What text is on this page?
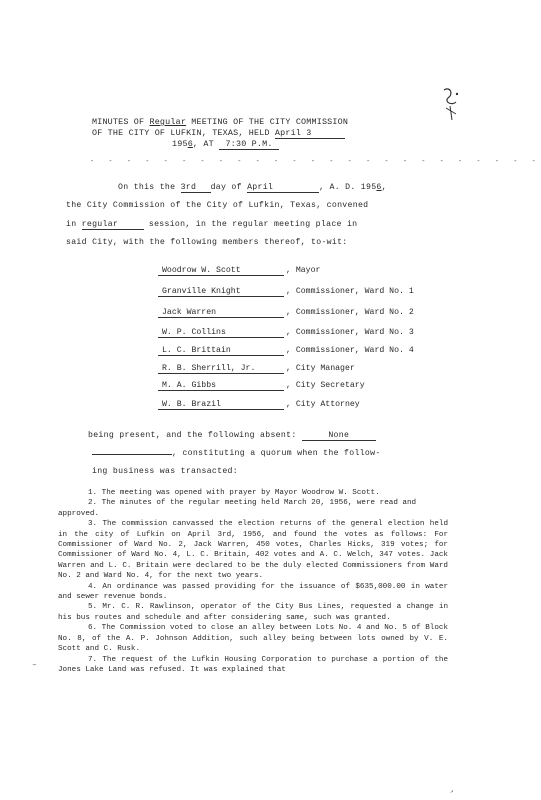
MINUTES OF Regular MEETING OF THE CITY COMMISSION
OF THE CITY OF LUFKIN, TEXAS, HELD April 3
1956, AT 7:30 P.M.
- - - - - - - - - - - - - - - - - - - - - - - - -
On this the 3rd day of April	, A. D. 1956,
the City Commission of the City of Lufkin, Texas, convened
in regular	session, in the regular meeting place in
said City, with the following members thereof, to-wit:
Woodrow W. Scott	, Mayor
Granville Knight	, Commissioner, Ward No. 1
Jack Warren	, Commissioner, Ward No. 2
W. P. Collins	, Commissioner, Ward No. 3
L. C. Brittain	, Commissioner, Ward No. 4
R. B. Sherrill, Jr.	, City Manager
M. A. Gibbs	, City Secretary
W. B. Brazil	, City Attorney
being present, and the following absent:	None
, constituting a quorum when the follow-
ing business was transacted:

1. The meeting was opened with prayer by Mayor Woodrow W. Scott.

2. The minutes of the regular meeting held March 20, 1956, were read and approved.

3. The commission canvassed the election returns of the general election held in the city of Lufkin on April 3rd, 1956, and found the votes as follows: For Commissioner of Ward No. 2, Jack Warren, 450 votes, Charles Hicks, 319 votes; for Commissioner of Ward No. 4, L. C. Britain, 402 votes and A. C. Welch, 347 votes. Jack Warren and L. C. Britain were declared to be the duly elected Commissioners from Ward No. 2 and Ward No. 4, for the next two years.

4. An ordinance was passed providing for the issuance of $635,000.00 in water and sewer revenue bonds.

5. Mr. C. R. Rawlinson, operator of the City Bus Lines, requested a change in his bus routes and schedule and after considering same, such was granted.

6. The Commission voted to close an alley between Lots No. 4 and No. 5 of Block No. 8, of the A. P. Johnson Addition, such alley being between lots owned by V. E. Scott and C. Rusk.

7. The request of the Lufkin Housing Corporation to purchase a portion of the Jones Lake Land was refused. It was explained that

–
↗
